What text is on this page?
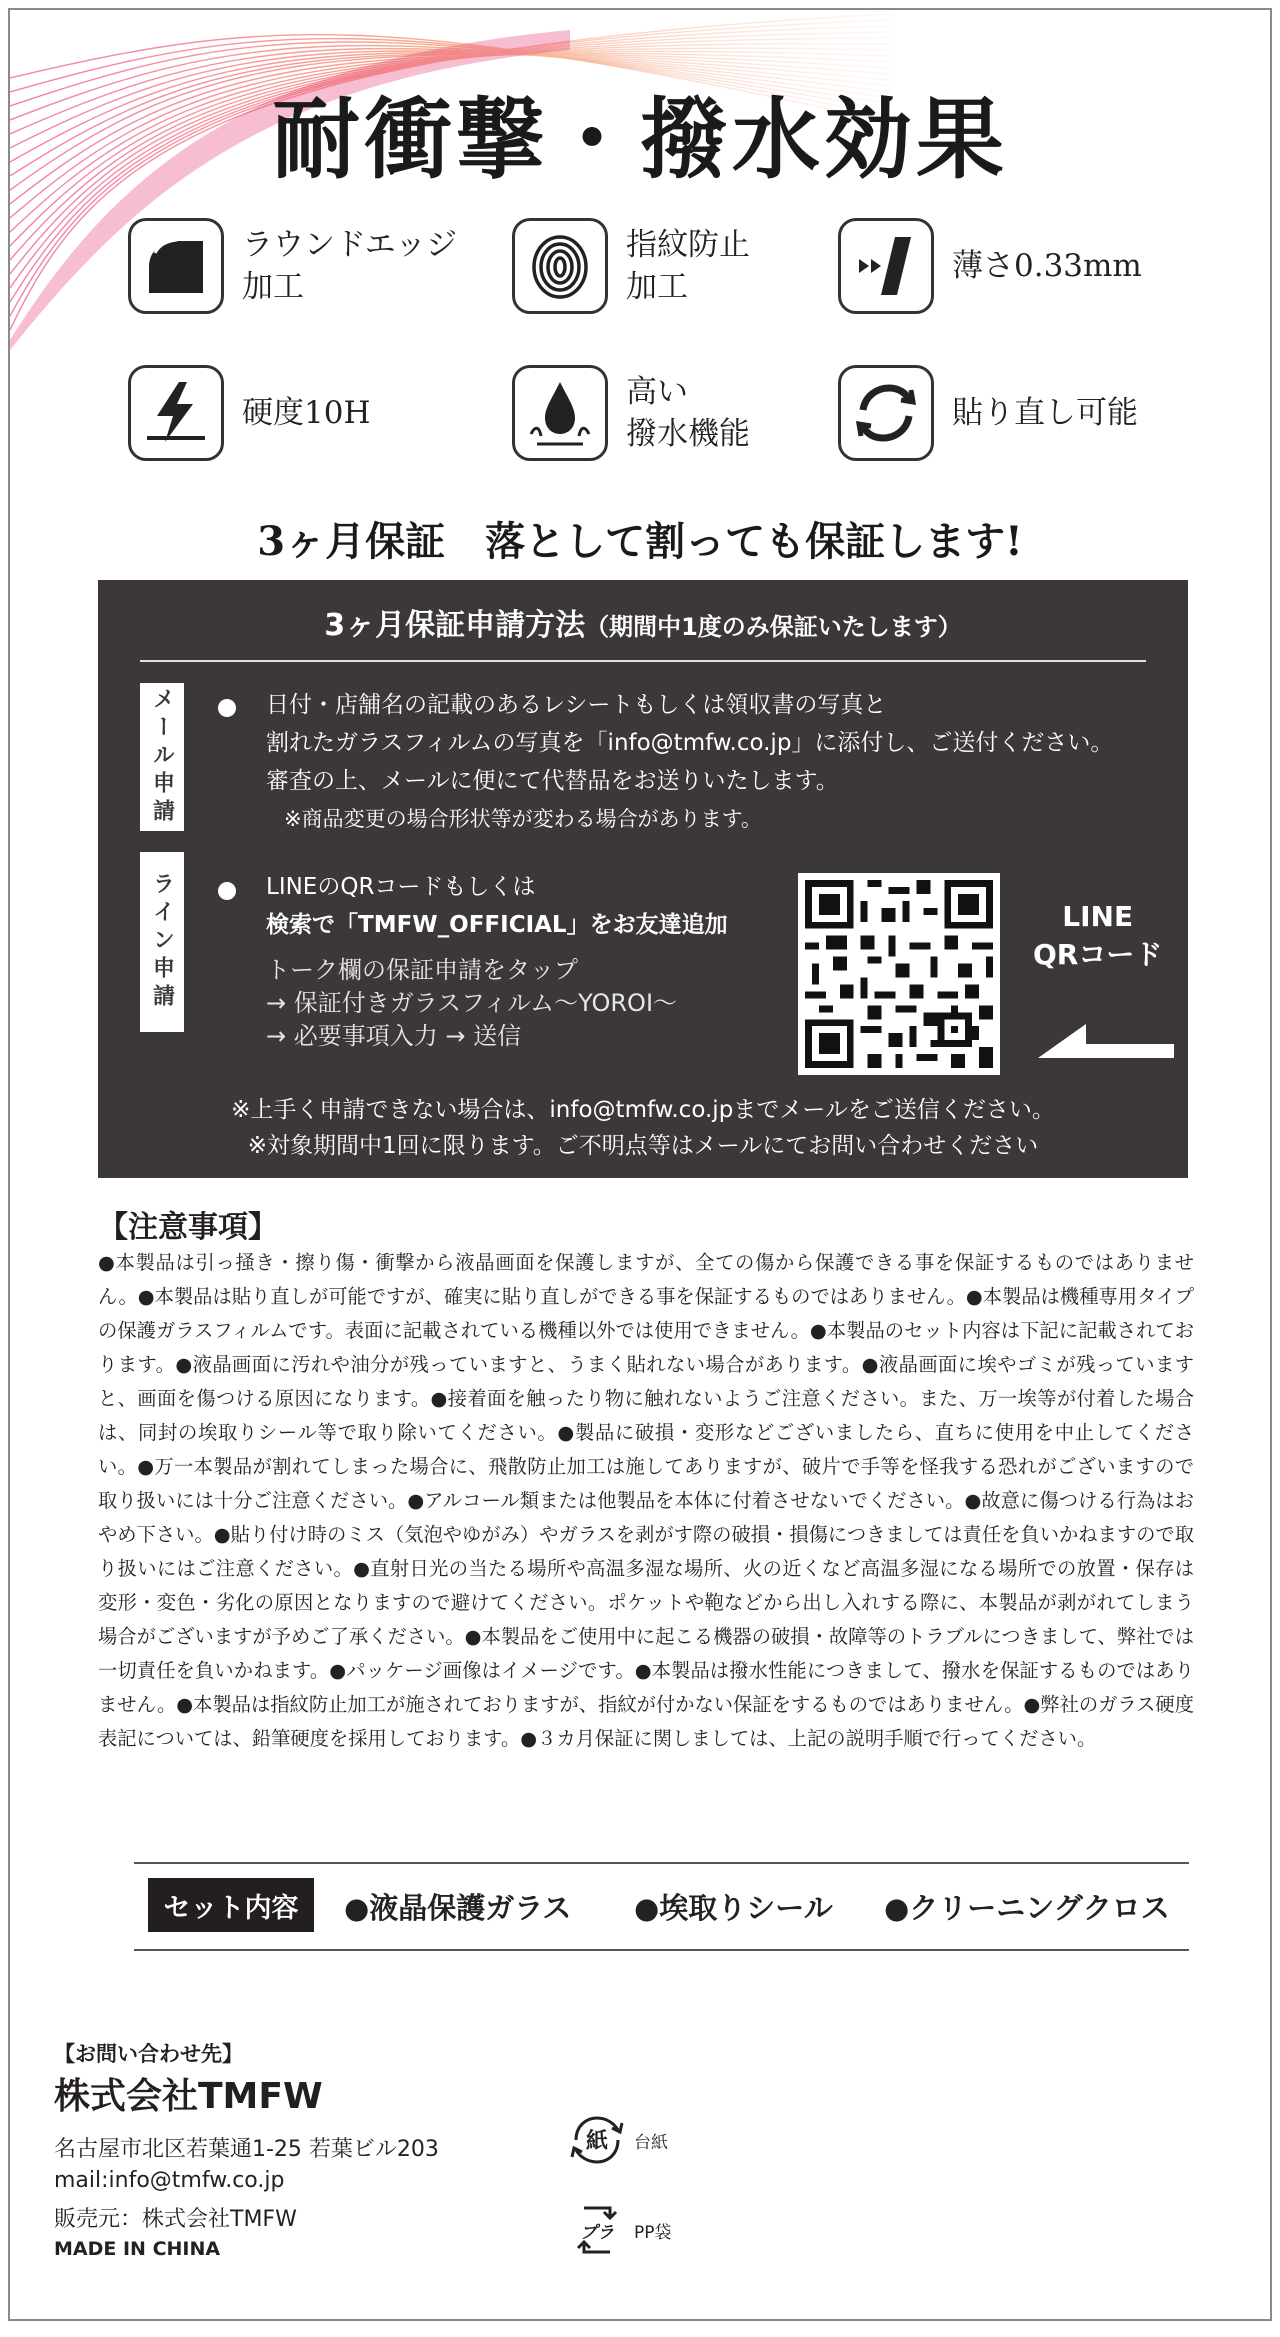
耐衝撃・撥水効果
ラウンドエッジ
加工
指紋防止
加工
薄さ0.33mm
硬度10H
高い
撥水機能
貼り直し可能
3ヶ月保証　落として割っても保証します!
3ヶ月保証申請方法（期間中1度のみ保証いたします）
メール申請	日付・店舗名の記載のあるレシートもしくは領収書の写真と
割れたガラスフィルムの写真を「info@tmfw.co.jp」に添付し、ご送付ください。
審査の上、メールに便にて代替品をお送りいたします。
※商品変更の場合形状等が変わる場合があります。
ライン申請	LINEのQRコードもしくは
検索で「TMFW_OFFICIAL」をお友達追加
トーク欄の保証申請をタップ
→ 保証付きガラスフィルム〜YOROI〜
→ 必要事項入力 → 送信
LINE
QRコード
※上手く申請できない場合は、info@tmfw.co.jpまでメールをご送信ください。
※対象期間中1回に限ります。ご不明点等はメールにてお問い合わせください
【注意事項】
●本製品は引っ掻き・擦り傷・衝撃から液晶画面を保護しますが、全ての傷から保護できる事を保証するものではありません。●本製品は貼り直しが可能ですが、確実に貼り直しができる事を保証するものではありません。●本製品は機種専用タイプの保護ガラスフィルムです。表面に記載されている機種以外では使用できません。●本製品のセット内容は下記に記載されております。●液晶画面に汚れや油分が残っていますと、うまく貼れない場合があります。●液晶画面に埃やゴミが残っていますと、画面を傷つける原因になります。●接着面を触ったり物に触れないようご注意ください。また、万一埃等が付着した場合は、同封の埃取りシール等で取り除いてください。●製品に破損・変形などございましたら、直ちに使用を中止してください。●万一本製品が割れてしまった場合に、飛散防止加工は施してありますが、破片で手等を怪我する恐れがございますので取り扱いには十分ご注意ください。●アルコール類または他製品を本体に付着させないでください。●故意に傷つける行為はおやめ下さい。●貼り付け時のミス（気泡やゆがみ）やガラスを剥がす際の破損・損傷につきましては責任を負いかねますので取り扱いにはご注意ください。●直射日光の当たる場所や高温多湿な場所、火の近くなど高温多湿になる場所での放置・保存は変形・変色・劣化の原因となりますので避けてください。ポケットや鞄などから出し入れする際に、本製品が剥がれてしまう場合がございますが予めご了承ください。●本製品をご使用中に起こる機器の破損・故障等のトラブルにつきまして、弊社では一切責任を負いかねます。●パッケージ画像はイメージです。●本製品は撥水性能につきまして、撥水を保証するものではありません。●本製品は指紋防止加工が施されておりますが、指紋が付かない保証をするものではありません。●弊社のガラス硬度表記については、鉛筆硬度を採用しております。●３カ月保証に関しましては、上記の説明手順で行ってください。
セット内容	●液晶保護ガラス ●埃取りシール ●クリーニングクロス
【お問い合わせ先】
株式会社TMFW
名古屋市北区若葉通1-25 若葉ビル203
mail:info@tmfw.co.jp
販売元：株式会社TMFW
MADE IN CHINA
紙 台紙
プラ PP袋
